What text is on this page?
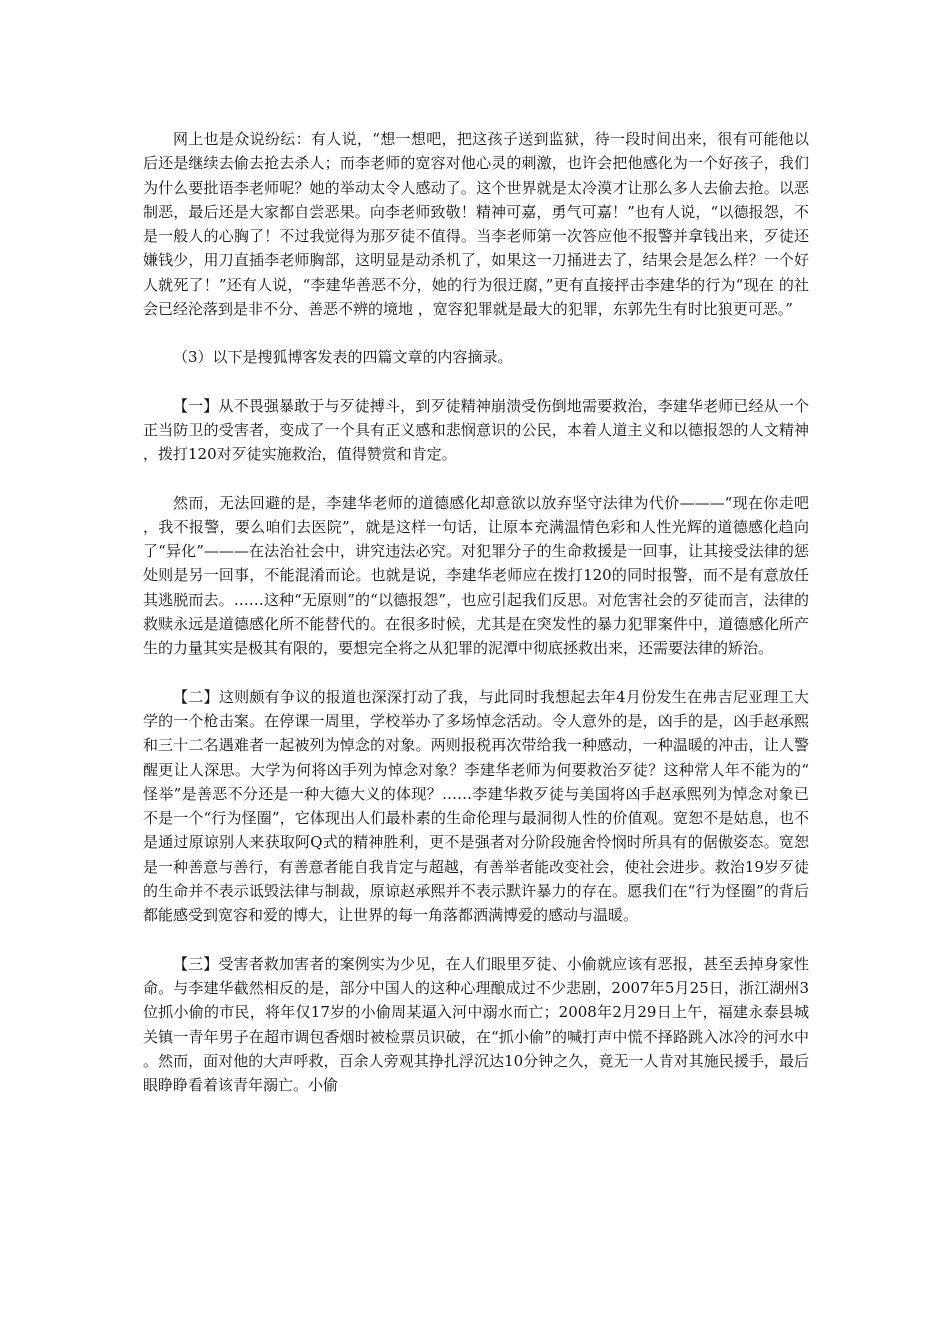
网上也是众说纷纭：有人说，“想一想吧，把这孩子送到监狱，待一段时间出来，很有可能他以后还是继续去偷去抢去杀人；而李老师的宽容对他心灵的刺激，也许会把他感化为一个好孩子，我们为什么要批语李老师呢？她的举动太令人感动了。这个世界就是太冷漠才让那么多人去偷去抢。以恶制恶，最后还是大家都自尝恶果。向李老师致敬！精神可嘉，勇气可嘉！”也有人说，“以德报怨，不是一般人的心胸了！不过我觉得为那歹徒不值得。当李老师第一次答应他不报警并拿钱出来，歹徒还嫌钱少，用刀直插李老师胸部，这明显是动杀机了，如果这一刀捅进去了，结果会是怎么样？一个好人就死了！”还有人说，“李建华善恶不分，她的行为很迂腐，”更有直接抨击李建华的行为“现在 的社会已经沦落到是非不分、善恶不辨的境地 ，宽容犯罪就是最大的犯罪，东郭先生有时比狼更可恶。”

（3）以下是搜狐博客发表的四篇文章的内容摘录。

【一】从不畏强暴敢于与歹徒搏斗，到歹徒精神崩溃受伤倒地需要救治，李建华老师已经从一个正当防卫的受害者，变成了一个具有正义感和悲悯意识的公民，本着人道主义和以德报怨的人文精神，拨打120对歹徒实施救治，值得赞赏和肯定。

然而，无法回避的是，李建华老师的道德感化却意欲以放弃坚守法律为代价———“现在你走吧，我不报警，要么咱们去医院”，就是这样一句话，让原本充满温情色彩和人性光辉的道德感化趋向了“异化”———在法治社会中，讲究违法必究。对犯罪分子的生命救援是一回事，让其接受法律的惩处则是另一回事，不能混淆而论。也就是说，李建华老师应在拨打120的同时报警，而不是有意放任其逃脱而去。……这种“无原则”的“以德报怨”，也应引起我们反思。对危害社会的歹徒而言，法律的救赎永远是道德感化所不能替代的。在很多时候，尤其是在突发性的暴力犯罪案件中，道德感化所产生的力量其实是极其有限的，要想完全将之从犯罪的泥潭中彻底拯救出来，还需要法律的矫治。

【二】这则颇有争议的报道也深深打动了我，与此同时我想起去年4月份发生在弗吉尼亚理工大学的一个枪击案。在停课一周里，学校举办了多场悼念活动。令人意外的是，凶手的是，凶手赵承熙和三十二名遇难者一起被列为悼念的对象。两则报税再次带给我一种感动，一种温暖的冲击，让人警醒更让人深思。大学为何将凶手列为悼念对象？李建华老师为何要救治歹徒？这种常人年不能为的“怪举”是善恶不分还是一种大德大义的体现？……李建华救歹徒与美国将凶手赵承熙列为悼念对象已不是一个“行为怪圈”，它体现出人们最朴素的生命伦理与最洞彻人性的价值观。宽恕不是姑息，也不是通过原谅别人来获取阿Q式的精神胜利，更不是强者对分阶段施舍怜悯时所具有的倨傲姿态。宽恕是一种善意与善行，有善意者能自我肯定与超越，有善举者能改变社会，使社会进步。救治19岁歹徒的生命并不表示诋毁法律与制裁，原谅赵承熙并不表示默许暴力的存在。愿我们在“行为怪圈”的背后都能感受到宽容和爱的博大，让世界的每一角落都洒满博爱的感动与温暖。

【三】受害者救加害者的案例实为少见，在人们眼里歹徒、小偷就应该有恶报，甚至丢掉身家性命。与李建华截然相反的是，部分中国人的这种心理酿成过不少悲剧，2007年5月25日，浙江湖州3位抓小偷的市民，将年仅17岁的小偷周某逼入河中溺水而亡；2008年2月29日上午，福建永泰县城关镇一青年男子在超市调包香烟时被检票员识破，在“抓小偷”的喊打声中慌不择路跳入冰冷的河水中。然而，面对他的大声呼救，百余人旁观其挣扎浮沉达10分钟之久，竟无一人肯对其施民援手，最后眼睁睁看着该青年溺亡。小偷
